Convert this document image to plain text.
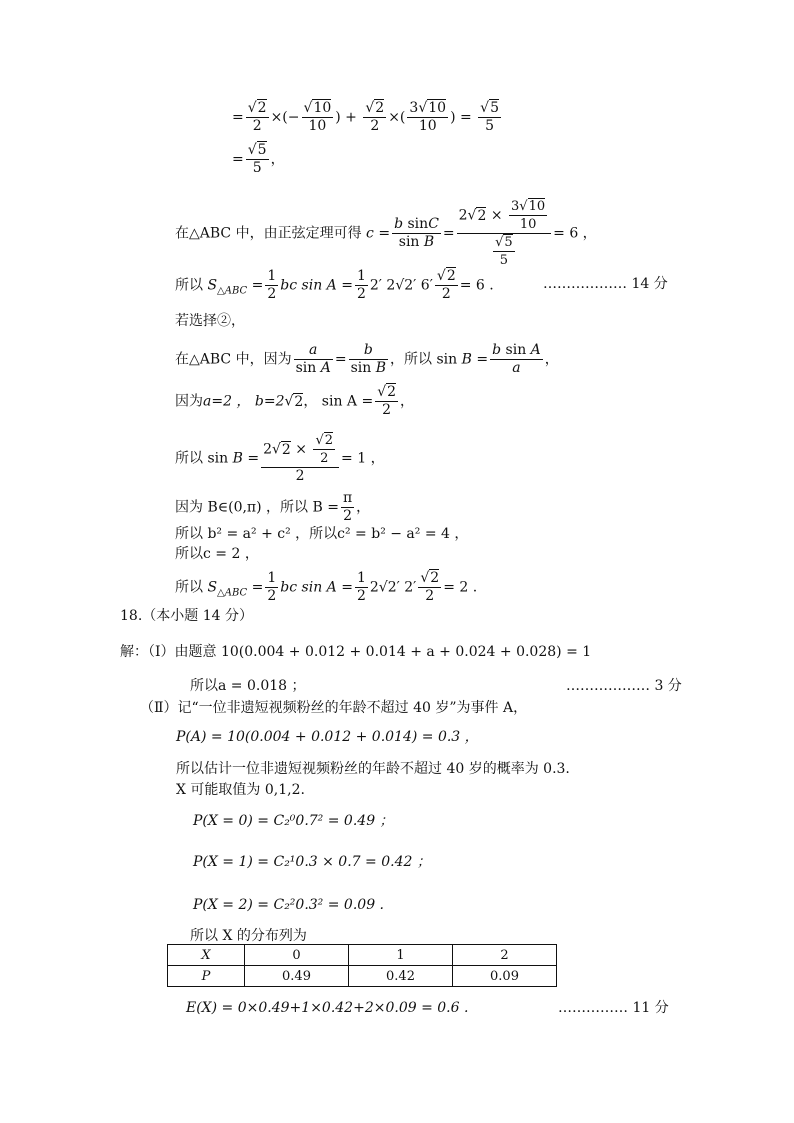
= $\frac{√2}{2}$ ×(− $\frac{√10}{10}$ ) + $\frac{√2}{2}$ ×( $\frac{3√10}{10}$ ) = $\frac{√5}{5}$
= $\frac{√5}{5}$ ，
在△ABC 中，由正弦定理可得 $c = \frac{\text{b sinC}}{\text{sin B}} = \frac{2√2 \times \frac{3√10}{10}}{\frac{√5}{5}} = 6$ ，
所以 $S_{\triangle ABC} = \frac{1}{2}$ bc $\sin A = \frac{1}{2} 2'$ 2√2′ $6' \frac{√2}{2} = 6$ .	……………… 14 分
若选择②，
在△ABC 中，因为 $\frac{a}{\text{sin A}} = \frac{b}{\text{sin B}}$ ，所以 $\sin B = \frac{\text{b sin A}}{a}$ ，
因为a=2 ， b=2√2， $\sin A = \frac{√2}{2}$ ，
所以 $\sin B = \frac{2√2 \times \frac{√2}{2}}{2} = 1$ ，
因为 B∈(0,π) ，所以 $B = \frac{\pi}{2}$ ，
所以 b² = a² + c² ，所以c² = b² − a² = 4 ，
所以c = 2 ，
所以 $S_{\triangle ABC} = \frac{1}{2}$ bc $\sin A = \frac{1}{2} 2√2'$ $2' \frac{√2}{2} = 2$ .
18.（本小题 14 分）
解：（Ⅰ）由题意 10(0.004 + 0.012 + 0.014 + a + 0.024 + 0.028) = 1
所以a = 0.018 ；	……………… 3 分
（Ⅱ）记“一位非遗短视频粉丝的年龄不超过 40 岁”为事件 A，
P(A) = 10(0.004 + 0.012 + 0.014) = 0.3 ，
所以估计一位非遗短视频粉丝的年龄不超过 40 岁的概率为 0.3.
X 可能取值为 0,1,2.
P(X = 0) = C₂⁰0.7² = 0.49 ；
P(X = 1) = C₂¹0.3 × 0.7 = 0.42 ；
P(X = 2) = C₂²0.3² = 0.09 .
所以 X 的分布列为
X	0	1	2
P	0.49	0.42	0.09
E(X) = 0×0.49+1×0.42+2×0.09 = 0.6 .	…………… 11 分
